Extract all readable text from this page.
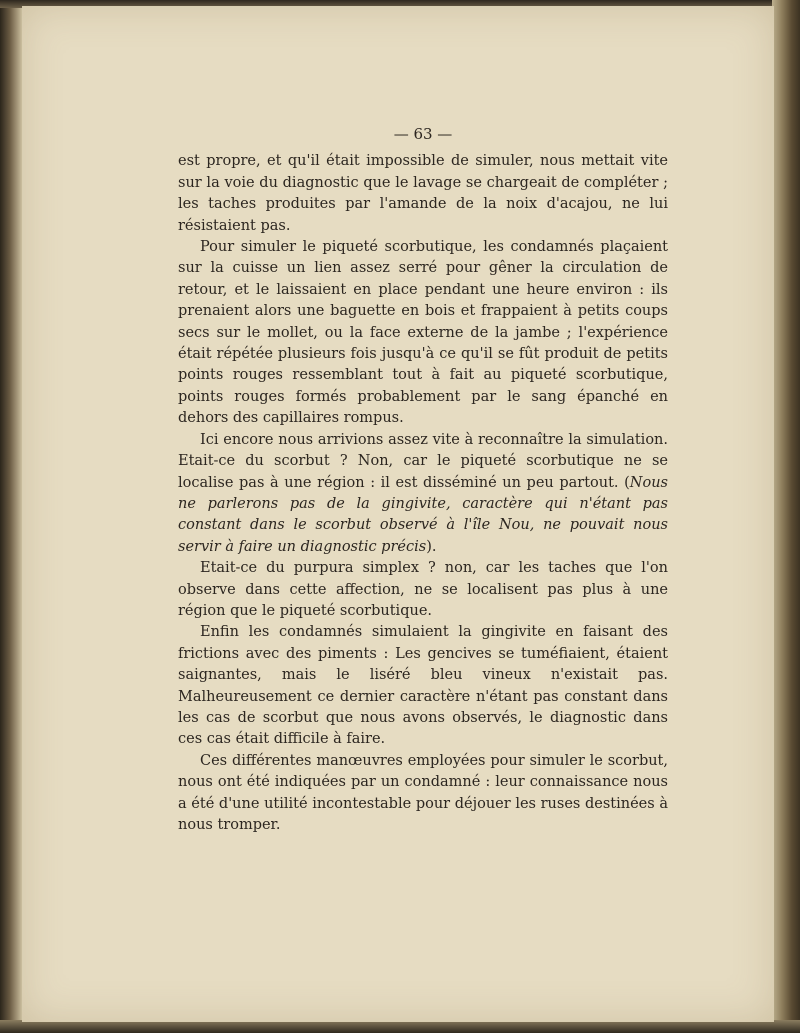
— 63 —

est propre, et qu'il était impossible de simuler, nous mettait vite sur la voie du diagnostic que le lavage se chargeait de compléter ; les taches produites par l'amande de la noix d'acajou, ne lui résistaient pas.

Pour simuler le piqueté scorbutique, les condamnés plaçaient sur la cuisse un lien assez serré pour gêner la circulation de retour, et le laissaient en place pendant une heure environ : ils prenaient alors une baguette en bois et frappaient à petits coups secs sur le mollet, ou la face externe de la jambe ; l'expérience était répétée plusieurs fois jusqu'à ce qu'il se fût produit de petits points rouges ressemblant tout à fait au piqueté scorbutique, points rouges formés probablement par le sang épanché en dehors des capillaires rompus.

Ici encore nous arrivions assez vite à reconnaître la simulation. Etait-ce du scorbut ? Non, car le piqueté scorbutique ne se localise pas à une région : il est disséminé un peu partout. (Nous ne parlerons pas de la gingivite, caractère qui n'étant pas constant dans le scorbut observé à l'île Nou, ne pouvait nous servir à faire un diagnostic précis).

Etait-ce du purpura simplex ? non, car les taches que l'on observe dans cette affection, ne se localisent pas plus à une région que le piqueté scorbutique.

Enfin les condamnés simulaient la gingivite en faisant des frictions avec des piments : Les gencives se tuméfiaient, étaient saignantes, mais le liséré bleu vineux n'existait pas. Malheureusement ce dernier caractère n'étant pas constant dans les cas de scorbut que nous avons observés, le diagnostic dans ces cas était difficile à faire.

Ces différentes manœuvres employées pour simuler le scorbut, nous ont été indiquées par un condamné : leur connaissance nous a été d'une utilité incontestable pour déjouer les ruses destinées à nous tromper.
